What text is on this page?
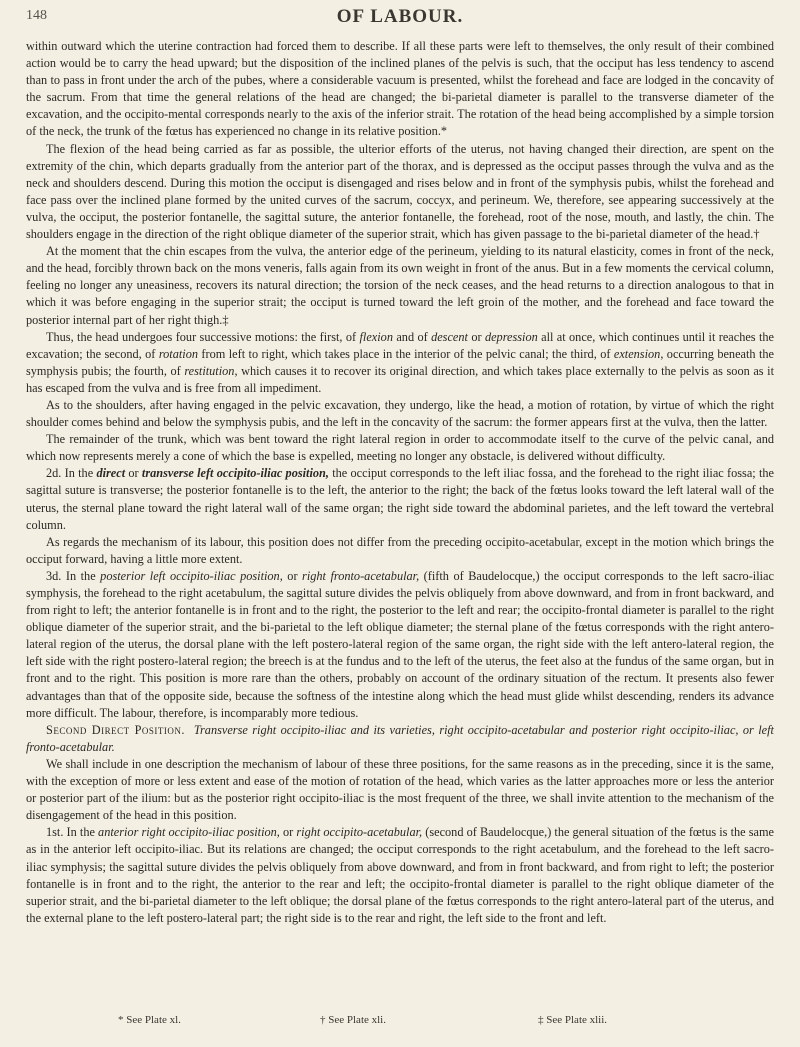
148	OF LABOUR.

within outward which the uterine contraction had forced them to describe. If all these parts were left to themselves, the only result of their combined action would be to carry the head upward; but the disposition of the inclined planes of the pelvis is such, that the occiput has less tendency to ascend than to pass in front under the arch of the pubes, where a considerable vacuum is presented, whilst the forehead and face are lodged in the concavity of the sacrum. From that time the general relations of the head are changed; the bi-parietal diameter is parallel to the transverse diameter of the excavation, and the occipito-mental corresponds nearly to the axis of the inferior strait. The rotation of the head being accomplished by a simple torsion of the neck, the trunk of the fœtus has experienced no change in its relative position.*

The flexion of the head being carried as far as possible, the ulterior efforts of the uterus, not having changed their direction, are spent on the extremity of the chin, which departs gradually from the anterior part of the thorax, and is depressed as the occiput passes through the vulva and as the neck and shoulders descend. During this motion the occiput is disengaged and rises below and in front of the symphysis pubis, whilst the forehead and face pass over the inclined plane formed by the united curves of the sacrum, coccyx, and perineum. We, therefore, see appearing successively at the vulva, the occiput, the posterior fontanelle, the sagittal suture, the anterior fontanelle, the forehead, root of the nose, mouth, and lastly, the chin. The shoulders engage in the direction of the right oblique diameter of the superior strait, which has given passage to the bi-parietal diameter of the head.†

At the moment that the chin escapes from the vulva, the anterior edge of the perineum, yielding to its natural elasticity, comes in front of the neck, and the head, forcibly thrown back on the mons veneris, falls again from its own weight in front of the anus. But in a few moments the cervical column, feeling no longer any uneasiness, recovers its natural direction; the torsion of the neck ceases, and the head returns to a direction analogous to that in which it was before engaging in the superior strait; the occiput is turned toward the left groin of the mother, and the forehead and face toward the posterior internal part of her right thigh.‡

Thus, the head undergoes four successive motions: the first, of flexion and of descent or depression all at once, which continues until it reaches the excavation; the second, of rotation from left to right, which takes place in the interior of the pelvic canal; the third, of extension, occurring beneath the symphysis pubis; the fourth, of restitution, which causes it to recover its original direction, and which takes place externally to the pelvis as soon as it has escaped from the vulva and is free from all impediment.

As to the shoulders, after having engaged in the pelvic excavation, they undergo, like the head, a motion of rotation, by virtue of which the right shoulder comes behind and below the symphysis pubis, and the left in the concavity of the sacrum: the former appears first at the vulva, then the latter.

The remainder of the trunk, which was bent toward the right lateral region in order to accommodate itself to the curve of the pelvic canal, and which now represents merely a cone of which the base is expelled, meeting no longer any obstacle, is delivered without difficulty.

2d. In the direct or transverse left occipito-iliac position, the occiput corresponds to the left iliac fossa, and the forehead to the right iliac fossa; the sagittal suture is transverse; the posterior fontanelle is to the left, the anterior to the right; the back of the fœtus looks toward the left lateral wall of the uterus, the sternal plane toward the right lateral wall of the same organ; the right side toward the abdominal parietes, and the left toward the vertebral column.

As regards the mechanism of its labour, this position does not differ from the preceding occipito-acetabular, except in the motion which brings the occiput forward, having a little more extent.

3d. In the posterior left occipito-iliac position, or right fronto-acetabular, (fifth of Baudelocque,) the occiput corresponds to the left sacro-iliac symphysis, the forehead to the right acetabulum, the sagittal suture divides the pelvis obliquely from above downward, and from in front backward, and from right to left; the anterior fontanelle is in front and to the right, the posterior to the left and rear; the occipito-frontal diameter is parallel to the right oblique diameter of the superior strait, and the bi-parietal to the left oblique diameter; the sternal plane of the fœtus corresponds with the right antero-lateral region of the uterus, the dorsal plane with the left postero-lateral region of the same organ, the right side with the left antero-lateral region, the left side with the right postero-lateral region; the breech is at the fundus and to the left of the uterus, the feet also at the fundus of the same organ, but in front and to the right. This position is more rare than the others, probably on account of the ordinary situation of the rectum. It presents also fewer advantages than that of the opposite side, because the softness of the intestine along which the head must glide whilst descending, renders its advance more difficult. The labour, therefore, is incomparably more tedious.

Second Direct Position. Transverse right occipito-iliac and its varieties, right occipito-acetabular and posterior right occipito-iliac, or left fronto-acetabular.

We shall include in one description the mechanism of labour of these three positions, for the same reasons as in the preceding, since it is the same, with the exception of more or less extent and ease of the motion of rotation of the head, which varies as the latter approaches more or less the anterior or posterior part of the ilium: but as the posterior right occipito-iliac is the most frequent of the three, we shall invite attention to the mechanism of the disengagement of the head in this position.

1st. In the anterior right occipito-iliac position, or right occipito-acetabular, (second of Baudelocque,) the general situation of the fœtus is the same as in the anterior left occipito-iliac. But its relations are changed; the occiput corresponds to the right acetabulum, and the forehead to the left sacro-iliac symphysis; the sagittal suture divides the pelvis obliquely from above downward, and from in front backward, and from right to left; the posterior fontanelle is in front and to the right, the anterior to the rear and left; the occipito-frontal diameter is parallel to the right oblique diameter of the superior strait, and the bi-parietal diameter to the left oblique; the dorsal plane of the fœtus corresponds to the right antero-lateral part of the uterus, and the external plane to the left postero-lateral part; the right side is to the rear and right, the left side to the front and left.

* See Plate xl.	† See Plate xli.	‡ See Plate xlii.
